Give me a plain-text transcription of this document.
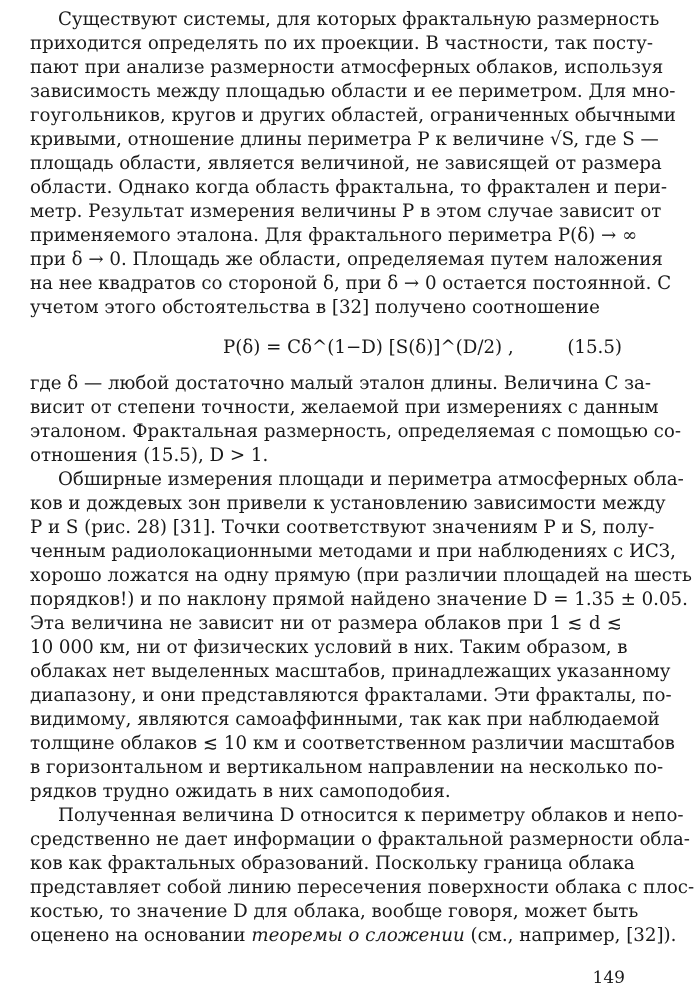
Существуют системы, для которых фрактальную размерность
приходится определять по их проекции. В частности, так посту-
пают при анализе размерности атмосферных облаков, используя
зависимость между площадью области и ее периметром. Для мно-
гоугольников, кругов и других областей, ограниченных обычными
кривыми, отношение длины периметра P к величине √S, где S —
площадь области, является величиной, не зависящей от размера
области. Однако когда область фрактальна, то фрактален и пери-
метр. Результат измерения величины P в этом случае зависит от
применяемого эталона. Для фрактального периметра P(δ) → ∞
при δ → 0. Площадь же области, определяемая путем наложения
на нее квадратов со стороной δ, при δ → 0 остается постоянной. С
учетом этого обстоятельства в [32] получено соотношение
P(δ) = Cδ^(1−D) [S(δ)]^(D/2) ,	(15.5)
где δ — любой достаточно малый эталон длины. Величина C за-
висит от степени точности, желаемой при измерениях с данным
эталоном. Фрактальная размерность, определяемая с помощью со-
отношения (15.5), D > 1.
Обширные измерения площади и периметра атмосферных обла-
ков и дождевых зон привели к установлению зависимости между
P и S (рис. 28) [31]. Точки соответствуют значениям P и S, полу-
ченным радиолокационными методами и при наблюдениях с ИСЗ,
хорошо ложатся на одну прямую (при различии площадей на шесть
порядков!) и по наклону прямой найдено значение D = 1.35 ± 0.05.
Эта величина не зависит ни от размера облаков при 1 ≲ d ≲
10 000 км, ни от физических условий в них. Таким образом, в
облаках нет выделенных масштабов, принадлежащих указанному
диапазону, и они представляются фракталами. Эти фракталы, по-
видимому, являются самоаффинными, так как при наблюдаемой
толщине облаков ≲ 10 км и соответственном различии масштабов
в горизонтальном и вертикальном направлении на несколько по-
рядков трудно ожидать в них самоподобия.
Полученная величина D относится к периметру облаков и непо-
средственно не дает информации о фрактальной размерности обла-
ков как фрактальных образований. Поскольку граница облака
представляет собой линию пересечения поверхности облака с плос-
костью, то значение D для облака, вообще говоря, может быть
оценено на основании теоремы о сложении (см., например, [32]).
149
